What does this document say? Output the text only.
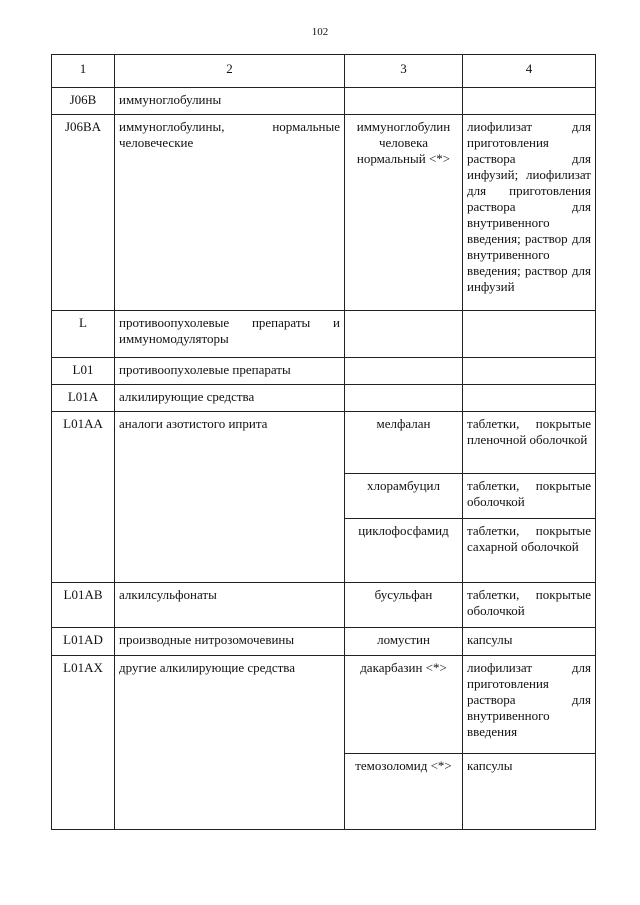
102
1	2	3	4
J06B	иммуноглобулины		
J06BA	иммуноглобулины, нормальные человеческие	иммуноглобулин человека нормальный <*>	лиофилизат для приготовления раствора для инфузий; лиофилизат для приготовления раствора для внутривенного введения; раствор для внутривенного введения; раствор для инфузий
L	противоопухолевые препараты и иммуномодуляторы		
L01	противоопухолевые препараты		
L01A	алкилирующие средства		
L01AA	аналоги азотистого иприта	мелфалан	таблетки, покрытые пленочной оболочкой
		хлорамбуцил	таблетки, покрытые оболочкой
		циклофосфамид	таблетки, покрытые сахарной оболочкой
L01AB	алкилсульфонаты	бусульфан	таблетки, покрытые оболочкой
L01AD	производные нитрозомочевины	ломустин	капсулы
L01AX	другие алкилирующие средства	дакарбазин <*>	лиофилизат для приготовления раствора для внутривенного введения
		темозоломид <*>	капсулы
